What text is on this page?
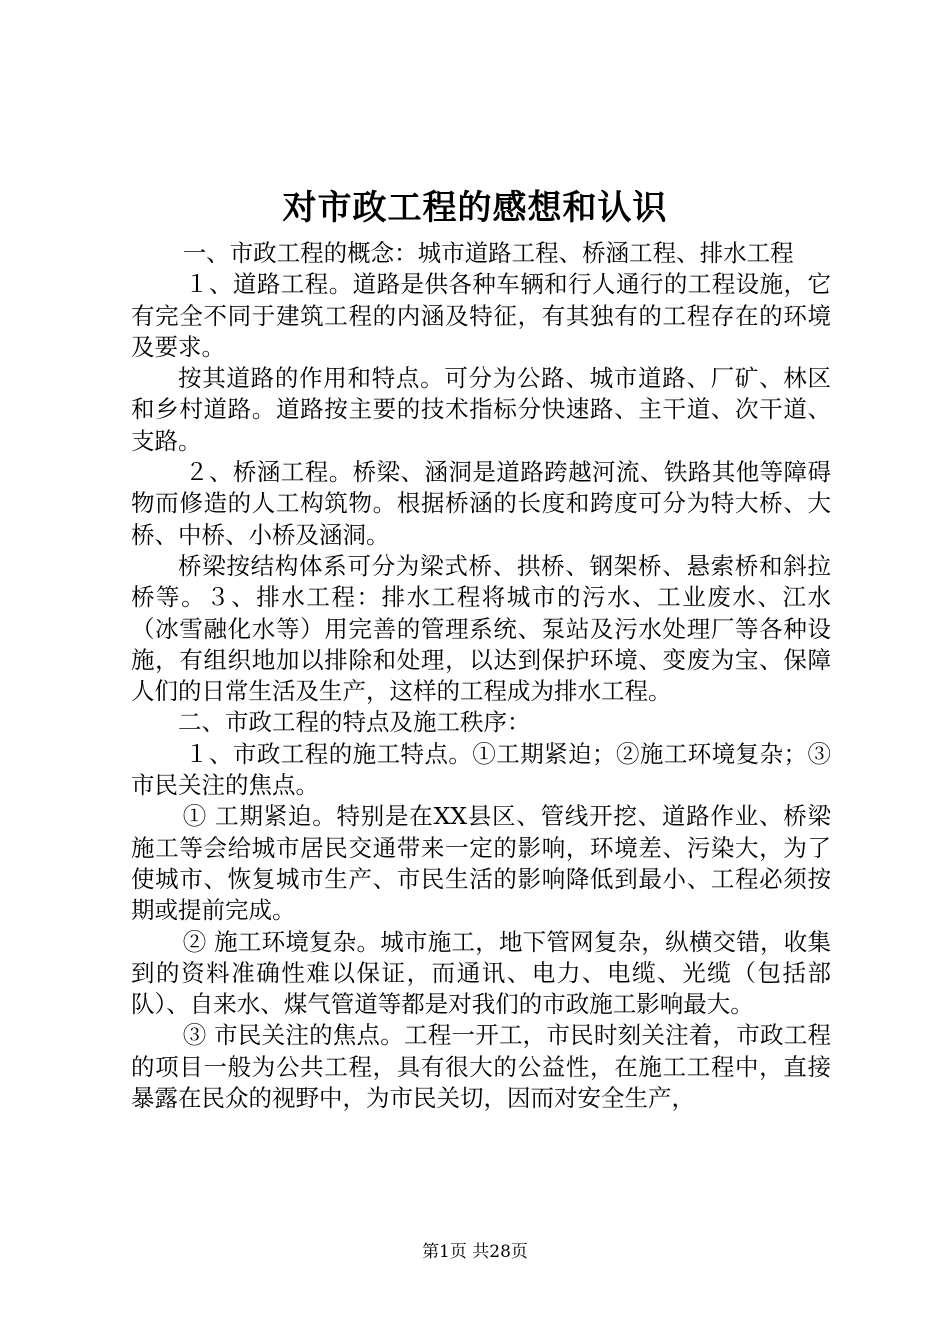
对市政工程的感想和认识

一、市政工程的概念：城市道路工程、桥涵工程、排水工程

１、道路工程。道路是供各种车辆和行人通行的工程设施，它有完全不同于建筑工程的内涵及特征，有其独有的工程存在的环境及要求。

按其道路的作用和特点。可分为公路、城市道路、厂矿、林区和乡村道路。道路按主要的技术指标分快速路、主干道、次干道、支路。

２、桥涵工程。桥梁、涵洞是道路跨越河流、铁路其他等障碍物而修造的人工构筑物。根据桥涵的长度和跨度可分为特大桥、大桥、中桥、小桥及涵洞。

桥梁按结构体系可分为梁式桥、拱桥、钢架桥、悬索桥和斜拉桥等。３、排水工程：排水工程将城市的污水、工业废水、江水（冰雪融化水等）用完善的管理系统、泵站及污水处理厂等各种设施，有组织地加以排除和处理，以达到保护环境、变废为宝、保障人们的日常生活及生产，这样的工程成为排水工程。

二、市政工程的特点及施工秩序：

１、市政工程的施工特点。①工期紧迫；②施工环境复杂；③市民关注的焦点。

① 工期紧迫。特别是在XX县区、管线开挖、道路作业、桥梁施工等会给城市居民交通带来一定的影响，环境差、污染大，为了使城市、恢复城市生产、市民生活的影响降低到最小、工程必须按期或提前完成。

② 施工环境复杂。城市施工，地下管网复杂，纵横交错，收集到的资料准确性难以保证，而通讯、电力、电缆、光缆（包括部队）、自来水、煤气管道等都是对我们的市政施工影响最大。

③ 市民关注的焦点。工程一开工，市民时刻关注着，市政工程的项目一般为公共工程，具有很大的公益性，在施工工程中，直接暴露在民众的视野中，为市民关切，因而对安全生产，

第1页 共28页
